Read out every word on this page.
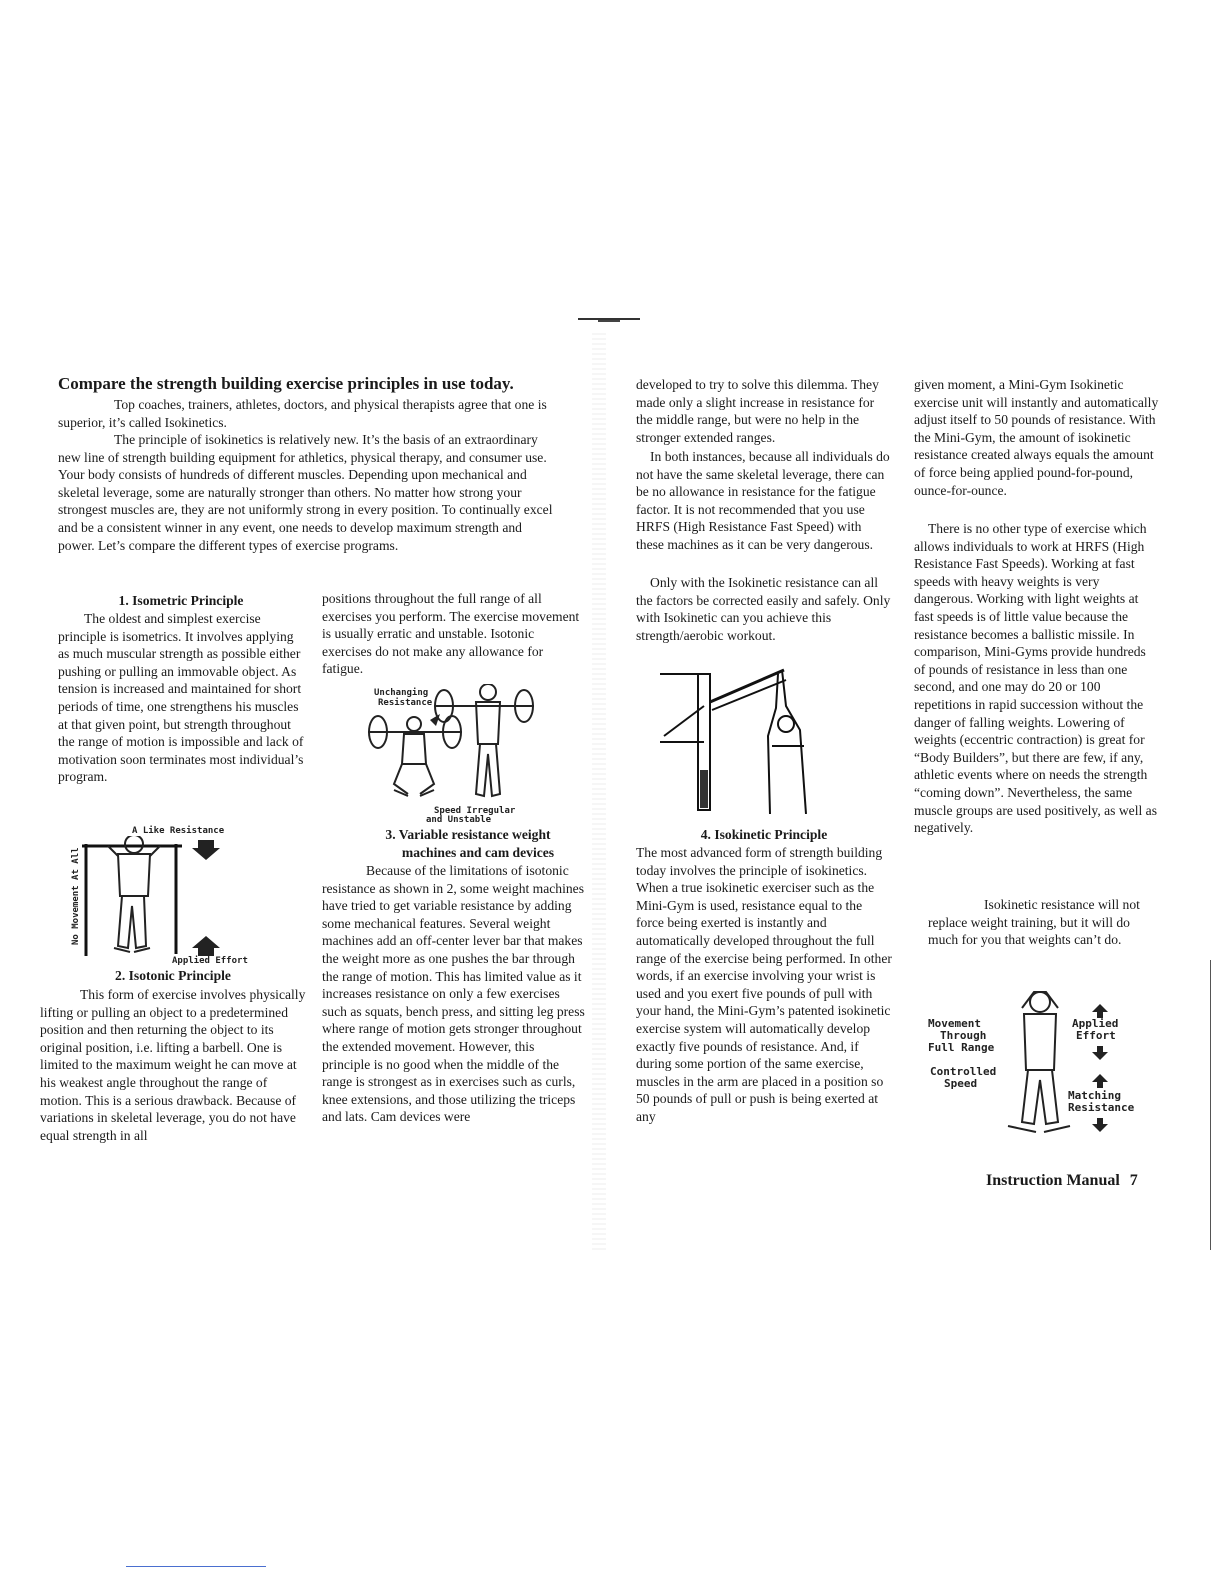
Compare the strength building exercise principles in use today.

Top coaches, trainers, athletes, doctors, and physical therapists agree that one is superior, it’s called Isokinetics.

The principle of isokinetics is relatively new. It’s the basis of an extraordinary new line of strength building equipment for athletics, physical therapy, and consumer use. Your body consists of hundreds of different muscles. Depending upon mechanical and skeletal leverage, some are naturally stronger than others. No matter how strong your strongest muscles are, they are not uniformly strong in every position. To continually excel and be a consistent winner in any event, one needs to develop maximum strength and power. Let’s compare the different types of exercise programs.

1. Isometric Principle

The oldest and simplest exercise principle is isometrics. It involves applying as much muscular strength as possible either pushing or pulling an immovable object. As tension is increased and maintained for short periods of time, one strengthens his muscles at that given point, but strength throughout the range of motion is impossible and lack of motivation soon terminates most individual’s program.

A Like Resistance
No Movement At All
Applied Effort
2. Isotonic Principle

This form of exercise involves physically lifting or pulling an object to a predetermined position and then returning the object to its original position, i.e. lifting a barbell. One is limited to the maximum weight he can move at his weakest angle throughout the range of motion. This is a serious drawback. Because of variations in skeletal leverage, you do not have equal strength in all

positions throughout the full range of all exercises you perform. The exercise movement is usually erratic and unstable. Isotonic exercises do not make any allowance for fatigue.

Unchanging
Resistance
Speed Irregular
and Unstable
3. Variable resistance weight
machines and cam devices

Because of the limitations of isotonic resistance as shown in 2, some weight machines have tried to get variable resistance by adding some mechanical features. Several weight machines add an off-center lever bar that makes the weight more as one pushes the bar through the range of motion. This has limited value as it increases resistance on only a few exercises such as squats, bench press, and sitting leg press where range of motion gets stronger throughout the extended movement. However, this principle is no good when the middle of the range is strongest as in exercises such as curls, knee extensions, and those utilizing the triceps and lats. Cam devices were

developed to try to solve this dilemma. They made only a slight increase in resistance for the middle range, but were no help in the stronger extended ranges.

In both instances, because all individuals do not have the same skeletal leverage, there can be no allowance in resistance for the fatigue factor. It is not recommended that you use HRFS (High Resistance Fast Speed) with these machines as it can be very dangerous.

Only with the Isokinetic resistance can all the factors be corrected easily and safely. Only with Isokinetic can you achieve this strength/aerobic workout.

4. Isokinetic Principle

The most advanced form of strength building today involves the principle of isokinetics. When a true isokinetic exerciser such as the Mini-Gym is used, resistance equal to the force being exerted is instantly and automatically developed throughout the full range of the exercise being performed. In other words, if an exercise involving your wrist is used and you exert five pounds of pull with your hand, the Mini-Gym’s patented isokinetic exercise system will automatically develop exactly five pounds of resistance. And, if during some portion of the same exercise, muscles in the arm are placed in a position so 50 pounds of pull or push is being exerted at any

given moment, a Mini-Gym Isokinetic exercise unit will instantly and automatically adjust itself to 50 pounds of resistance. With the Mini-Gym, the amount of isokinetic resistance created always equals the amount of force being applied pound-for-pound, ounce-for-ounce.

There is no other type of exercise which allows individuals to work at HRFS (High Resistance Fast Speeds). Working at fast speeds with heavy weights is very dangerous. Working with light weights at fast speeds is of little value because the resistance becomes a ballistic missile. In comparison, Mini-Gyms provide hundreds of pounds of resistance in less than one second, and one may do 20 or 100 repetitions in rapid succession without the danger of falling weights. Lowering of weights (eccentric contraction) is great for “Body Builders”, but there are few, if any, athletic events where on needs the strength “coming down”. Nevertheless, the same muscle groups are used positively, as well as negatively.

Isokinetic resistance will not replace weight training, but it will do much for you that weights can’t do.

Movement
Through
Full Range
Controlled
Speed
Applied
Effort
Matching
Resistance
Instruction Manual 7
